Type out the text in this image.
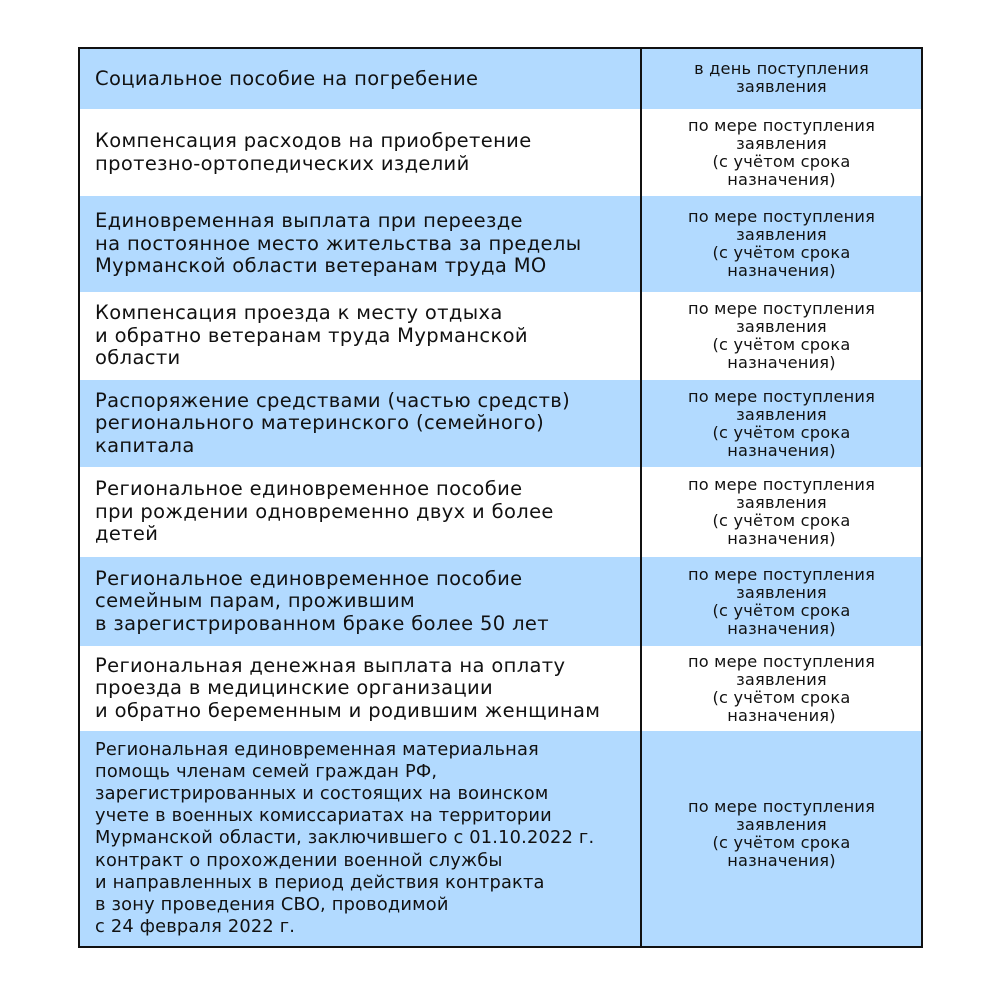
Социальное пособие на погребение	в день поступления
заявления
Компенсация расходов на приобретение
протезно-ортопедических изделий
по мере поступления
заявления
(с учётом срока
назначения)
Единовременная выплата при переезде
на постоянное место жительства за пределы
Мурманской области ветеранам труда МО
по мере поступления
заявления
(с учётом срока
назначения)
Компенсация проезда к месту отдыха
и обратно ветеранам труда Мурманской
области
по мере поступления
заявления
(с учётом срока
назначения)
Распоряжение средствами (частью средств)
регионального материнского (семейного)
капитала
по мере поступления
заявления
(с учётом срока
назначения)
Региональное единовременное пособие
при рождении одновременно двух и более
детей
по мере поступления
заявления
(с учётом срока
назначения)
Региональное единовременное пособие
семейным парам, прожившим
в зарегистрированном браке более 50 лет
по мере поступления
заявления
(с учётом срока
назначения)
Региональная денежная выплата на оплату
проезда в медицинские организации
и обратно беременным и родившим женщинам
по мере поступления
заявления
(с учётом срока
назначения)
Региональная единовременная материальная
помощь членам семей граждан РФ,
зарегистрированных и состоящих на воинском
учете в военных комиссариатах на территории
Мурманской области, заключившего с 01.10.2022 г.
контракт о прохождении военной службы
и направленных в период действия контракта
в зону проведения СВО, проводимой
с 24 февраля 2022 г.
по мере поступления
заявления
(с учётом срока
назначения)
